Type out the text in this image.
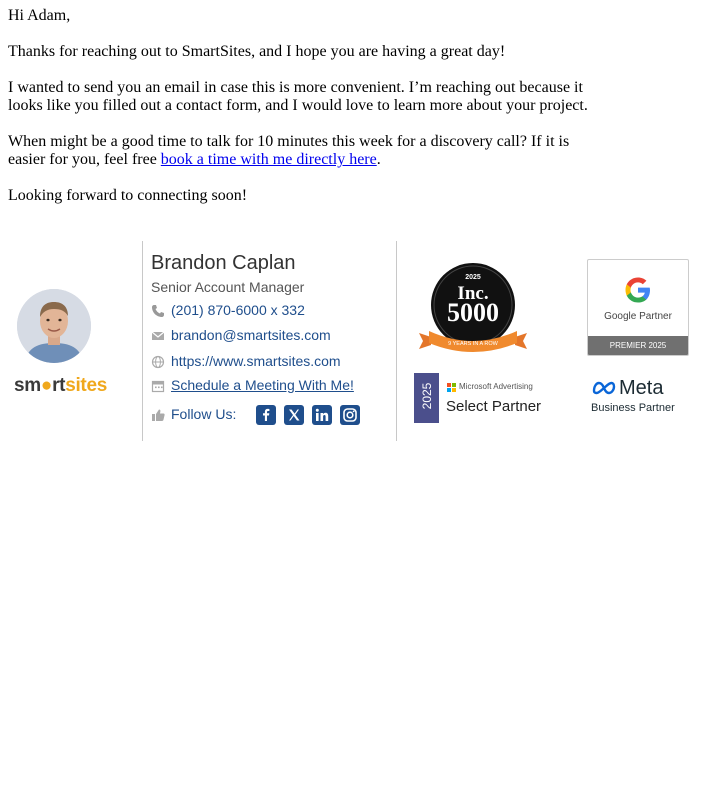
Hi Adam,

Thanks for reaching out to SmartSites, and I hope you are having a great day!

I wanted to send you an email in case this is more convenient. I’m reaching out because it looks like you filled out a contact form, and I would love to learn more about your project.

When might be a good time to talk for 10 minutes this week for a discovery call? If it is easier for you, feel free book a time with me directly here.

Looking forward to connecting soon!

sm●rtsites
Brandon Caplan
Senior Account Manager
(201) 870-6000 x 332
brandon@smartsites.com
https://www.smartsites.com
Schedule a Meeting With Me!
Follow Us:
2025
Inc.
5000
9 YEARS IN A ROW
Google Partner
PREMIER 2025
2025	Microsoft Advertising
Select Partner
Meta
Business Partner
